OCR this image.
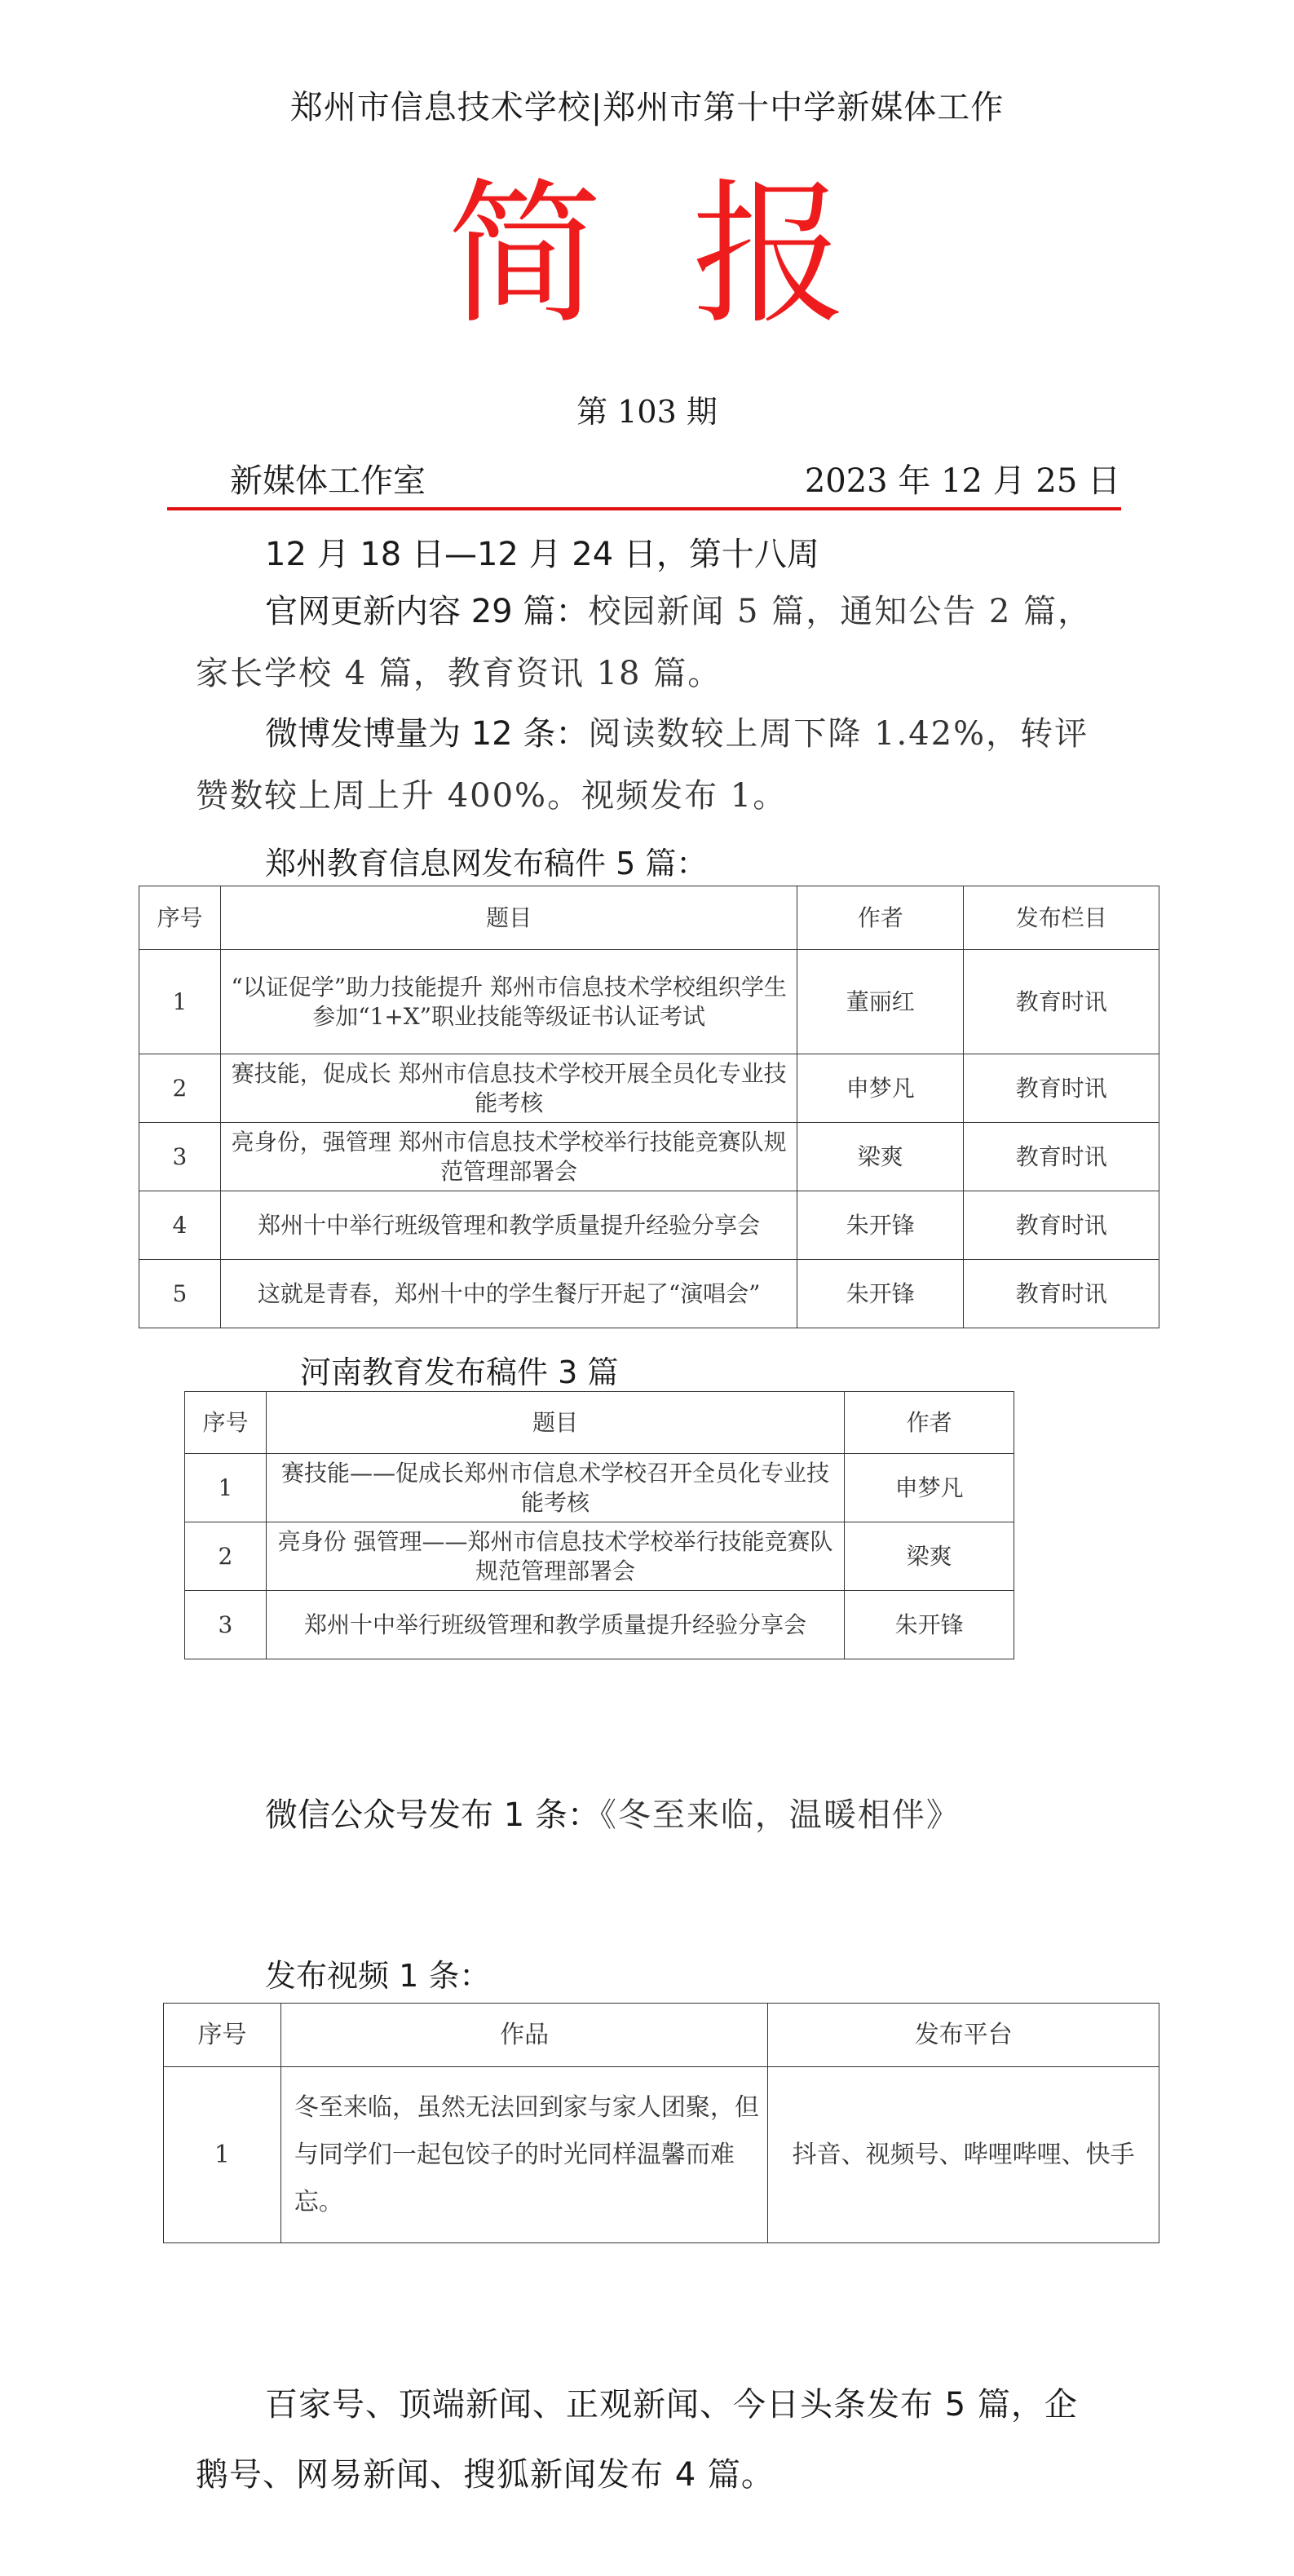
郑州市信息技术学校|郑州市第十中学新媒体工作
简报
第 103 期
新媒体工作室	2023 年 12 月 25 日
12 月 18 日—12 月 24 日，第十八周
官网更新内容 29 篇：校园新闻 5 篇，通知公告 2 篇，家长学校 4 篇，教育资讯 18 篇。
微博发博量为 12 条：阅读数较上周下降 1.42%，转评赞数较上周上升 400%。视频发布 1。
郑州教育信息网发布稿件 5 篇：
序号	题目	作者	发布栏目
1	“以证促学”助力技能提升 郑州市信息技术学校组织学生参加“1+X”职业技能等级证书认证考试	董丽红	教育时讯
2	赛技能，促成长 郑州市信息技术学校开展全员化专业技能考核	申梦凡	教育时讯
3	亮身份，强管理 郑州市信息技术学校举行技能竞赛队规范管理部署会	梁爽	教育时讯
4	郑州十中举行班级管理和教学质量提升经验分享会	朱开锋	教育时讯
5	这就是青春，郑州十中的学生餐厅开起了“演唱会”	朱开锋	教育时讯
河南教育发布稿件 3 篇
序号	题目	作者
1	赛技能——促成长郑州市信息术学校召开全员化专业技能考核	申梦凡
2	亮身份 强管理——郑州市信息技术学校举行技能竞赛队规范管理部署会	梁爽
3	郑州十中举行班级管理和教学质量提升经验分享会	朱开锋
微信公众号发布 1 条：《冬至来临，温暖相伴》
发布视频 1 条：
序号	作品	发布平台
1	冬至来临，虽然无法回到家与家人团聚，但与同学们一起包饺子的时光同样温馨而难忘。	抖音、视频号、哔哩哔哩、快手
百家号、顶端新闻、正观新闻、今日头条发布 5 篇，企鹅号、网易新闻、搜狐新闻发布 4 篇。
